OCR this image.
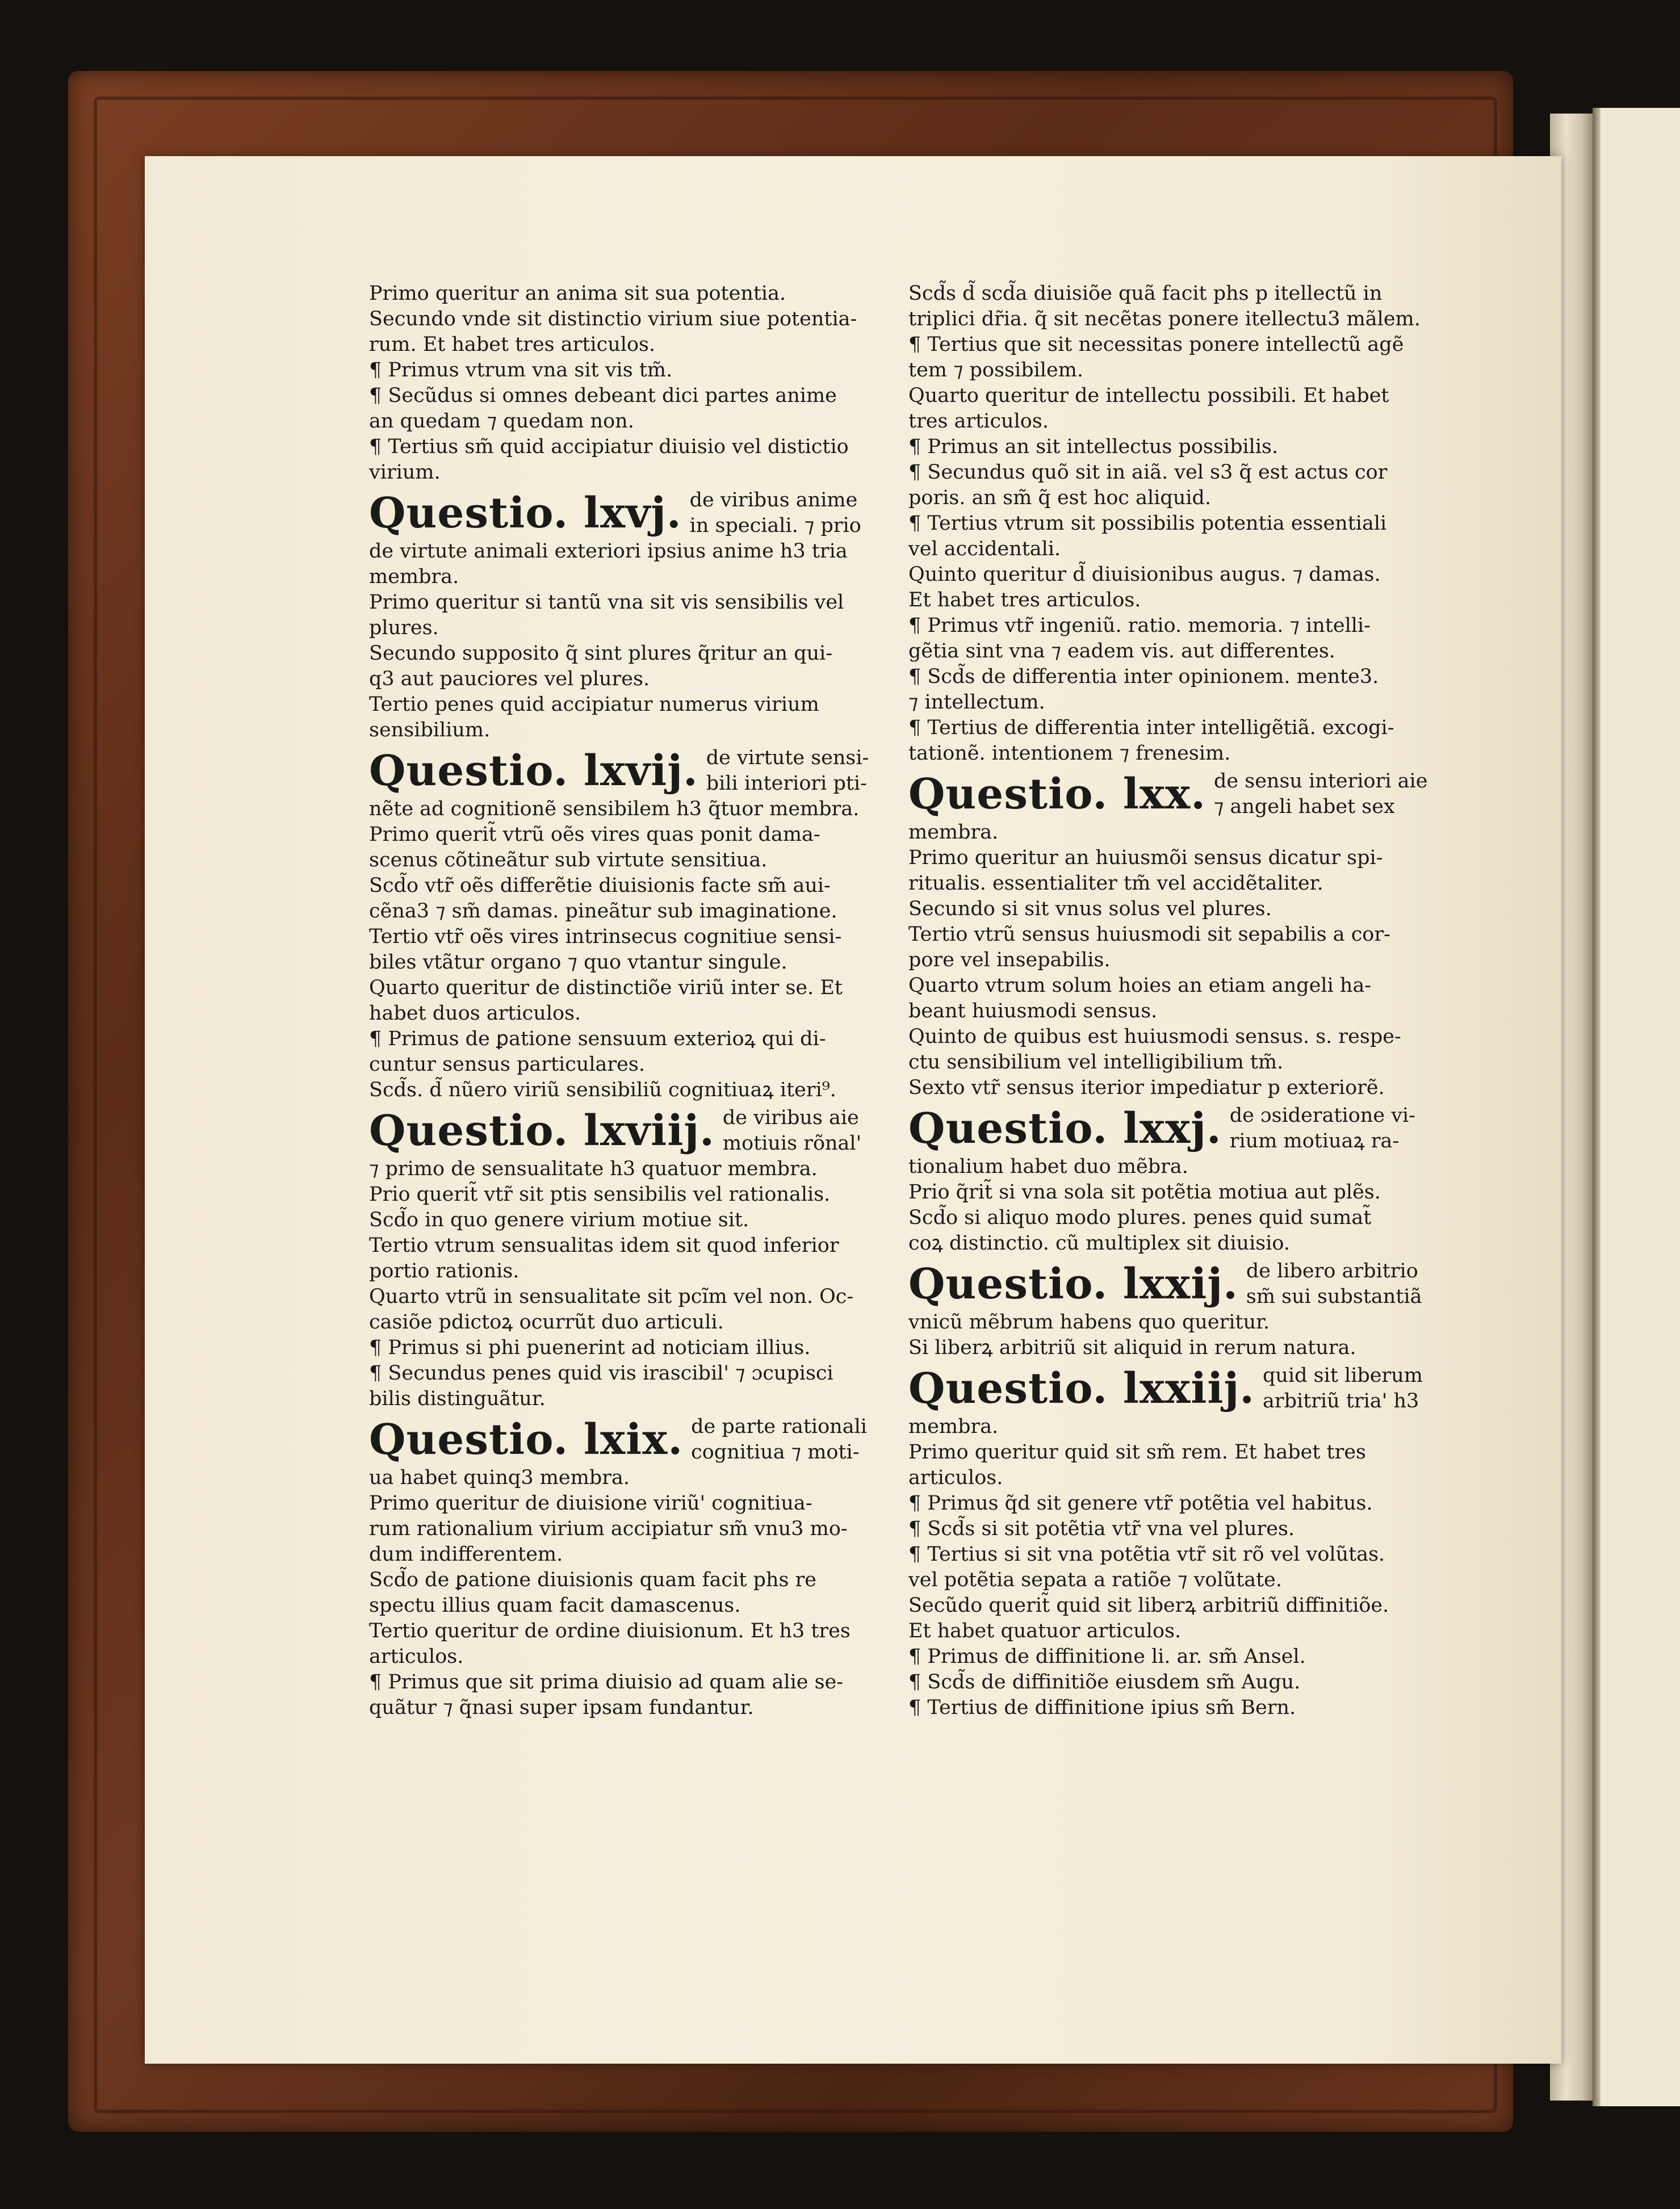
Primo queritur an anima sit sua potentia.
Secundo vnde sit distinctio virium siue potentia-
rum. Et habet tres articulos.
¶ Primus vtrum vna sit vis tm̃.
¶ Secũdus si omnes debeant dici partes anime
an quedam ⁊ quedam non.
¶ Tertius sm̃ quid accipiatur diuisio vel distictio
virium.
Questio. lxvj. de viribus anime
in speciali. ⁊ pri̇o
de virtute animali exteriori ipsius anime h3 tria
membra.
Primo queritur si tantũ vna sit vis sensibilis vel
plures.
Secundo supposito q̃ sint plures q̃ritur an qui-
q3 aut pauciores vel plures.
Tertio penes quid accipiatur numerus virium
sensibilium.
Questio. lxvij. de virtute sensi-
bili interiori pti-
nẽte ad cognitionẽ sensibilem h3 q̃tuor membra.
Primo querit̃ vtrũ oẽs vires quas ponit dama-
scenus cõtineãtur sub virtute sensitiua.
Scd̃o vtr̃ oẽs differẽtie diuisionis facte sm̃ aui-
cẽna3 ⁊ sm̃ damas. pineãtur sub imaginatione.
Tertio vtr̃ oẽs vires intrinsecus cognitiue sensi-
biles vtãtur organo ⁊ quo vtantur singule.
Quarto queritur de distinctiõe viriũ inter se. Et
habet duos articulos.
¶ Primus de ꝑatione sensuum exterioꝝ qui di-
cuntur sensus particulares.
Scd̃s. d̃ nũero viriũ sensibiliũ cognitiuaꝝ iteri⁹.
Questio. lxviij. de viribus aie
motiuis rõnal'
⁊ primo de sensualitate h3 quatuor membra.
Pri̇o querit̃ vtr̃ sit ptis sensibilis vel rationalis.
Scd̃o in quo genere virium motiue sit.
Tertio vtrum sensualitas idem sit quod inferior
portio rationis.
Quarto vtrũ in sensualitate sit pcĩm vel non. Oc-
casiõe pdictoꝝ ocurrũt duo articuli.
¶ Primus si phi puenerint ad noticiam illius.
¶ Secundus penes quid vis irascibil' ⁊ ɔcupisci
bilis distinguãtur.
Questio. lxix. de parte rationali
cognitiua ⁊ moti-
ua habet quinq3 membra.
Primo queritur de diuisione viriũ' cognitiua-
rum rationalium virium accipiatur sm̃ vnu3 mo-
dum indifferentem.
Scd̃o de ꝑatione diuisionis quam facit phs re
spectu illius quam facit damascenus.
Tertio queritur de ordine diuisionum. Et h3 tres
articulos.
¶ Primus que sit prima diuisio ad quam alie se-
quãtur ⁊ q̃nasi super ipsam fundantur.
Scd̃s d̃ scd̃a diuisiõe quã facit phs p itellectũ in
triplici dr̃ia. q̃ sit necẽtas ponere itellectu3 mãlem.
¶ Tertius que sit necessitas ponere intellectũ agẽ
tem ⁊ possibilem.
Quarto queritur de intellectu possibili. Et habet
tres articulos.
¶ Primus an sit intellectus possibilis.
¶ Secundus quõ sit in aiã. vel s3 q̃ est actus cor
poris. an sm̃ q̃ est hoc aliquid.
¶ Tertius vtrum sit possibilis potentia essentiali
vel accidentali.
Quinto queritur d̃ diuisionibus augus. ⁊ damas.
Et habet tres articulos.
¶ Primus vtr̃ ingeniũ. ratio. memoria. ⁊ intelli-
gẽtia sint vna ⁊ eadem vis. aut differentes.
¶ Scd̃s de differentia inter opinionem. mente3.
⁊ intellectum.
¶ Tertius de differentia inter intelligẽtiã. excogi-
tationẽ. intentionem ⁊ frenesim.
Questio. lxx. de sensu interiori aie
⁊ angeli habet sex
membra.
Primo queritur an huiusmõi sensus dicatur spi-
ritualis. essentialiter tm̃ vel accidẽtaliter.
Secundo si sit vnus solus vel plures.
Tertio vtrũ sensus huiusmodi sit sepabilis a cor-
pore vel insepabilis.
Quarto vtrum solum hoies an etiam angeli ha-
beant huiusmodi sensus.
Quinto de quibus est huiusmodi sensus. s. respe-
ctu sensibilium vel intelligibilium tm̃.
Sexto vtr̃ sensus iterior impediatur p exteriorẽ.
Questio. lxxj. de ɔsideratione vi-
rium motiuaꝝ ra-
tionalium habet duo mẽbra.
Pri̇o q̃rit̃ si vna sola sit potẽtia motiua aut plẽs.
Scd̃o si aliquo modo plures. penes quid sumat̃
coꝝ distinctio. cũ multiplex sit diuisio.
Questio. lxxij. de libero arbitrio
sm̃ sui substantiã
vnicũ mẽbrum habens quo queritur.
Si liberꝝ arbitriũ sit aliquid in rerum natura.
Questio. lxxiij. quid sit liberum
arbitriũ tria' h3
membra.
Primo queritur quid sit sm̃ rem. Et habet tres
articulos.
¶ Primus q̃d sit genere vtr̃ potẽtia vel habitus.
¶ Scd̃s si sit potẽtia vtr̃ vna vel plures.
¶ Tertius si sit vna potẽtia vtr̃ sit rõ vel volũtas.
vel potẽtia sepata a ratiõe ⁊ volũtate.
Secũdo querit̃ quid sit liberꝝ arbitriũ diffinitiõe.
Et habet quatuor articulos.
¶ Primus de diffinitione li. ar. sm̃ Ansel.
¶ Scd̃s de diffinitiõe eiusdem sm̃ Augu.
¶ Tertius de diffinitione ipius sm̃ Bern.
